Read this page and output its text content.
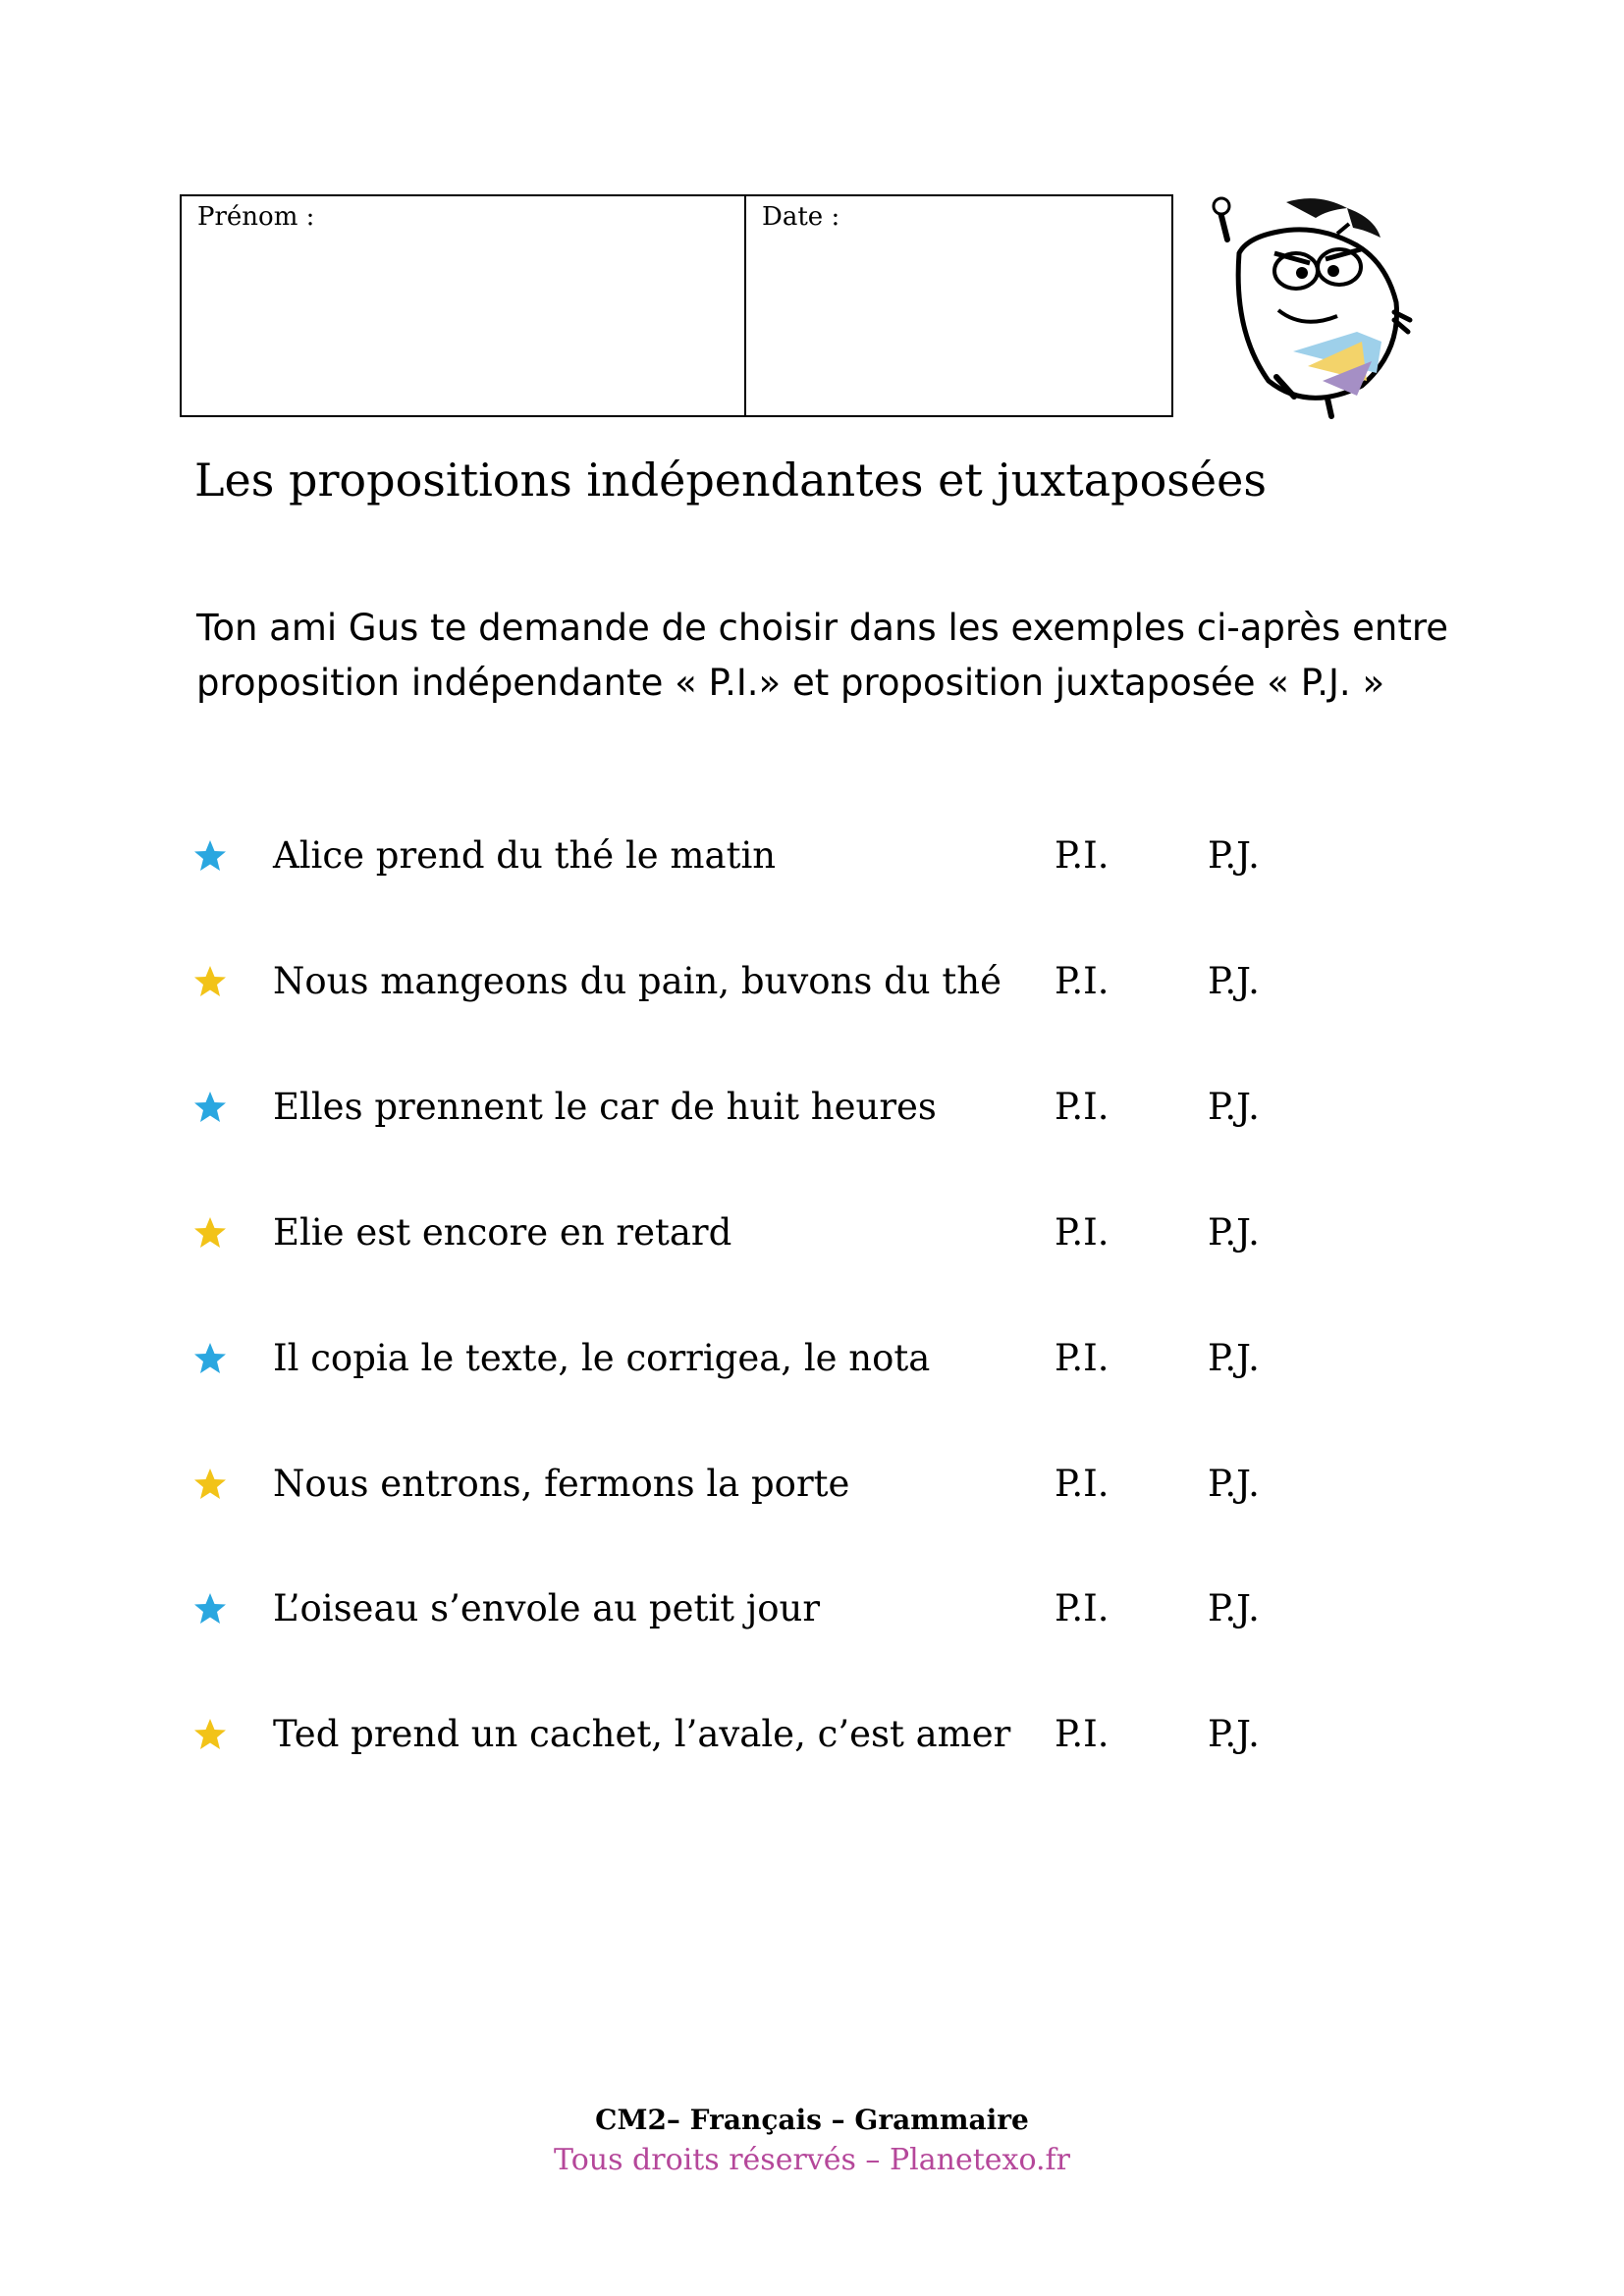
Prénom :	Date :
Les propositions indépendantes et juxtaposées

Ton ami Gus te demande de choisir dans les exemples ci-après entre
proposition indépendante « P.I.» et proposition juxtaposée « P.J. »

Alice prend du thé le matin	P.I.	P.J.
Nous mangeons du pain, buvons du thé P.I.	P.J.
Elles prennent le car de huit heures	P.I.	P.J.
Elie est encore en retard	P.I.	P.J.
Il copia le texte, le corrigea, le nota	P.I.	P.J.
Nous entrons, fermons la porte	P.I.	P.J.
L’oiseau s’envole au petit jour	P.I.	P.J.
Ted prend un cachet, l’avale, c’est amer P.I.	P.J.
CM2– Français – Grammaire
Tous droits réservés – Planetexo.fr
